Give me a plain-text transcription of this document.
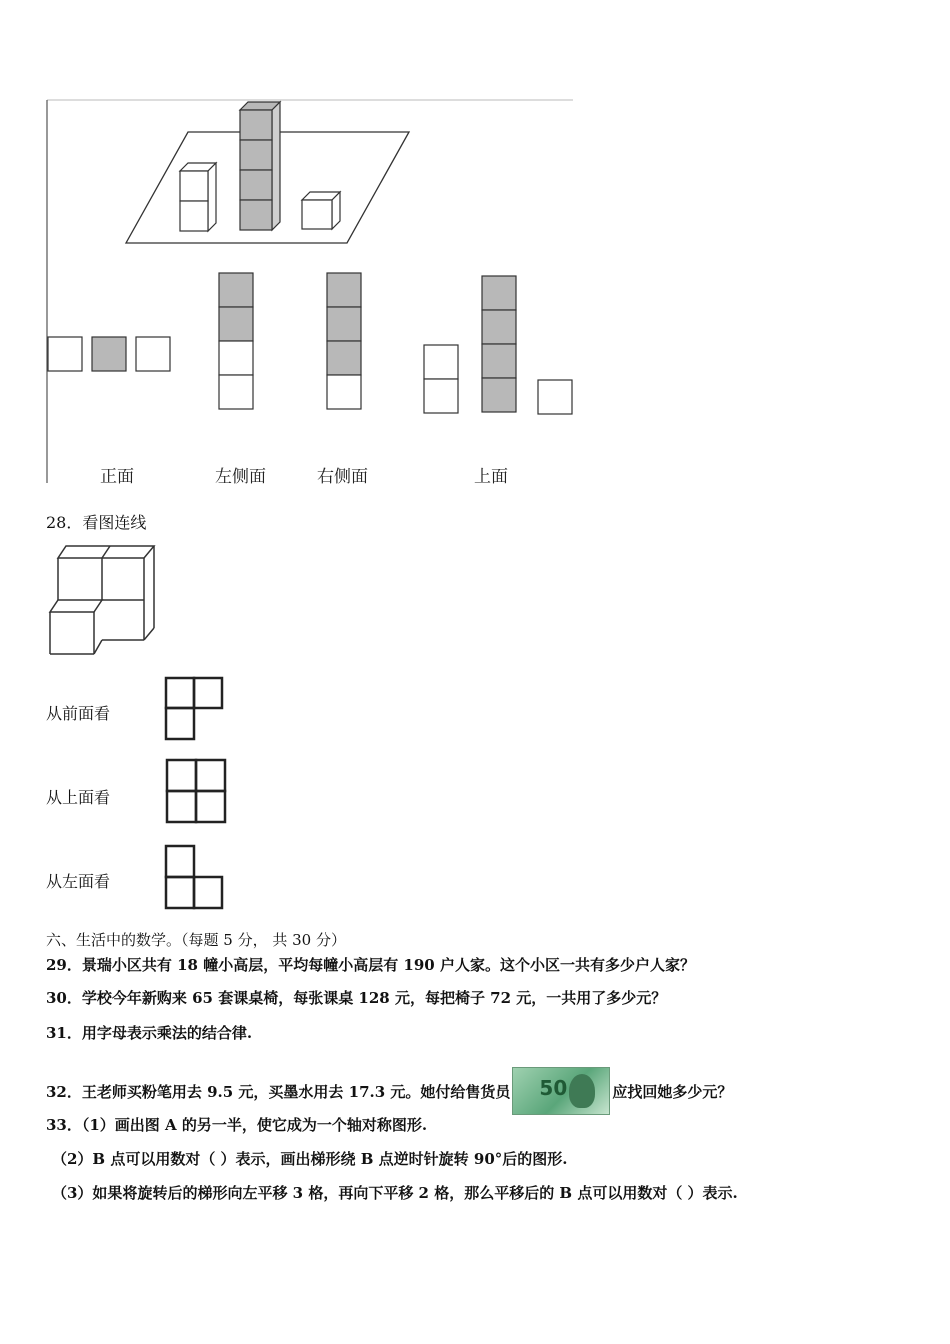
正面	左侧面	右侧面	上面
28．看图连线
从前面看
从上面看
从左面看
六、生活中的数学。（每题 5 分， 共 30 分）
29．景瑞小区共有 18 幢小高层，平均每幢小高层有 190 户人家。这个小区一共有多少户人家？
30．学校今年新购来 65 套课桌椅，每张课桌 128 元，每把椅子 72 元，一共用了多少元？
31．用字母表示乘法的结合律.
32．王老师买粉笔用去 9.5 元，买墨水用去 17.3 元。她付给售货员 50	应找回她多少元？
33．（1）画出图 A 的另一半，使它成为一个轴对称图形.
（2）B 点可以用数对（ ）表示，画出梯形绕 B 点逆时针旋转 90°后的图形.
（3）如果将旋转后的梯形向左平移 3 格，再向下平移 2 格，那么平移后的 B 点可以用数对（ ）表示.
